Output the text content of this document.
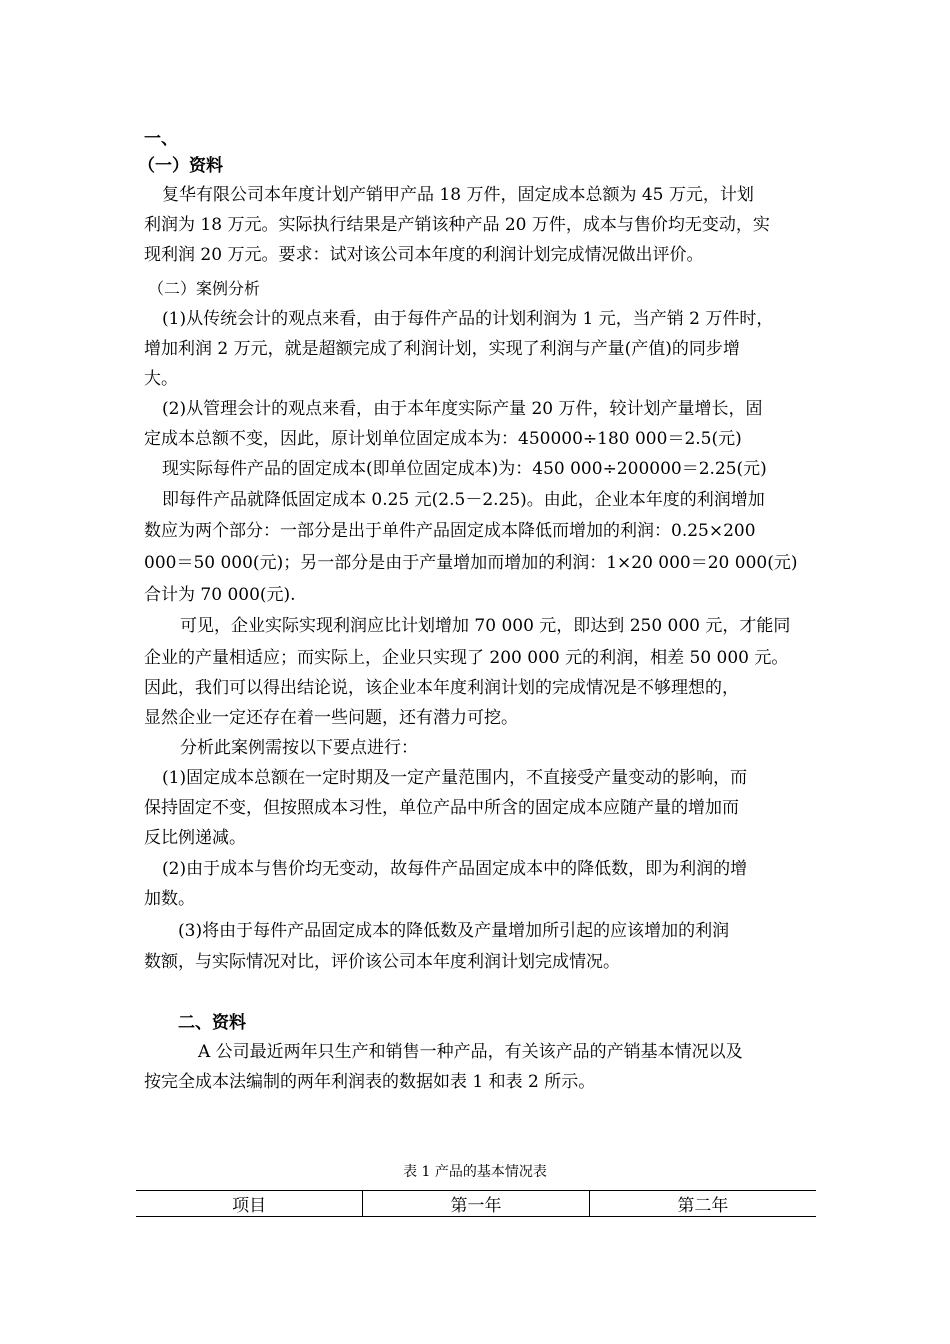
一、
（一）资料
复华有限公司本年度计划产销甲产品 18 万件，固定成本总额为 45 万元，计划
利润为 18 万元。实际执行结果是产销该种产品 20 万件，成本与售价均无变动，实
现利润 20 万元。要求：试对该公司本年度的利润计划完成情况做出评价。
（二）案例分析
(1)从传统会计的观点来看，由于每件产品的计划利润为 1 元，当产销 2 万件时，
增加利润 2 万元，就是超额完成了利润计划，实现了利润与产量(产值)的同步增
大。
(2)从管理会计的观点来看，由于本年度实际产量 20 万件，较计划产量增长，固
定成本总额不变，因此，原计划单位固定成本为：450000÷180 000＝2.5(元)
现实际每件产品的固定成本(即单位固定成本)为：450 000÷200000＝2.25(元)
即每件产品就降低固定成本 0.25 元(2.5－2.25)。由此，企业本年度的利润增加
数应为两个部分：一部分是出于单件产品固定成本降低而增加的利润：0.25×200
000＝50 000(元)；另一部分是由于产量增加而增加的利润：1×20 000＝20 000(元)
合计为 70 000(元).
可见，企业实际实现利润应比计划增加 70 000 元，即达到 250 000 元，才能同
企业的产量相适应；而实际上，企业只实现了 200 000 元的利润，相差 50 000 元。
因此，我们可以得出结论说，该企业本年度利润计划的完成情况是不够理想的，
显然企业一定还存在着一些问题，还有潜力可挖。
分析此案例需按以下要点进行：
(1)固定成本总额在一定时期及一定产量范围内，不直接受产量变动的影响，而
保持固定不变，但按照成本习性，单位产品中所含的固定成本应随产量的增加而
反比例递减。
(2)由于成本与售价均无变动，故每件产品固定成本中的降低数，即为利润的增
加数。
(3)将由于每件产品固定成本的降低数及产量增加所引起的应该增加的利润
数额，与实际情况对比，评价该公司本年度利润计划完成情况。
二、资料
A 公司最近两年只生产和销售一种产品，有关该产品的产销基本情况以及
按完全成本法编制的两年利润表的数据如表 1 和表 2 所示。
表 1 产品的基本情况表
项目	第一年	第二年
